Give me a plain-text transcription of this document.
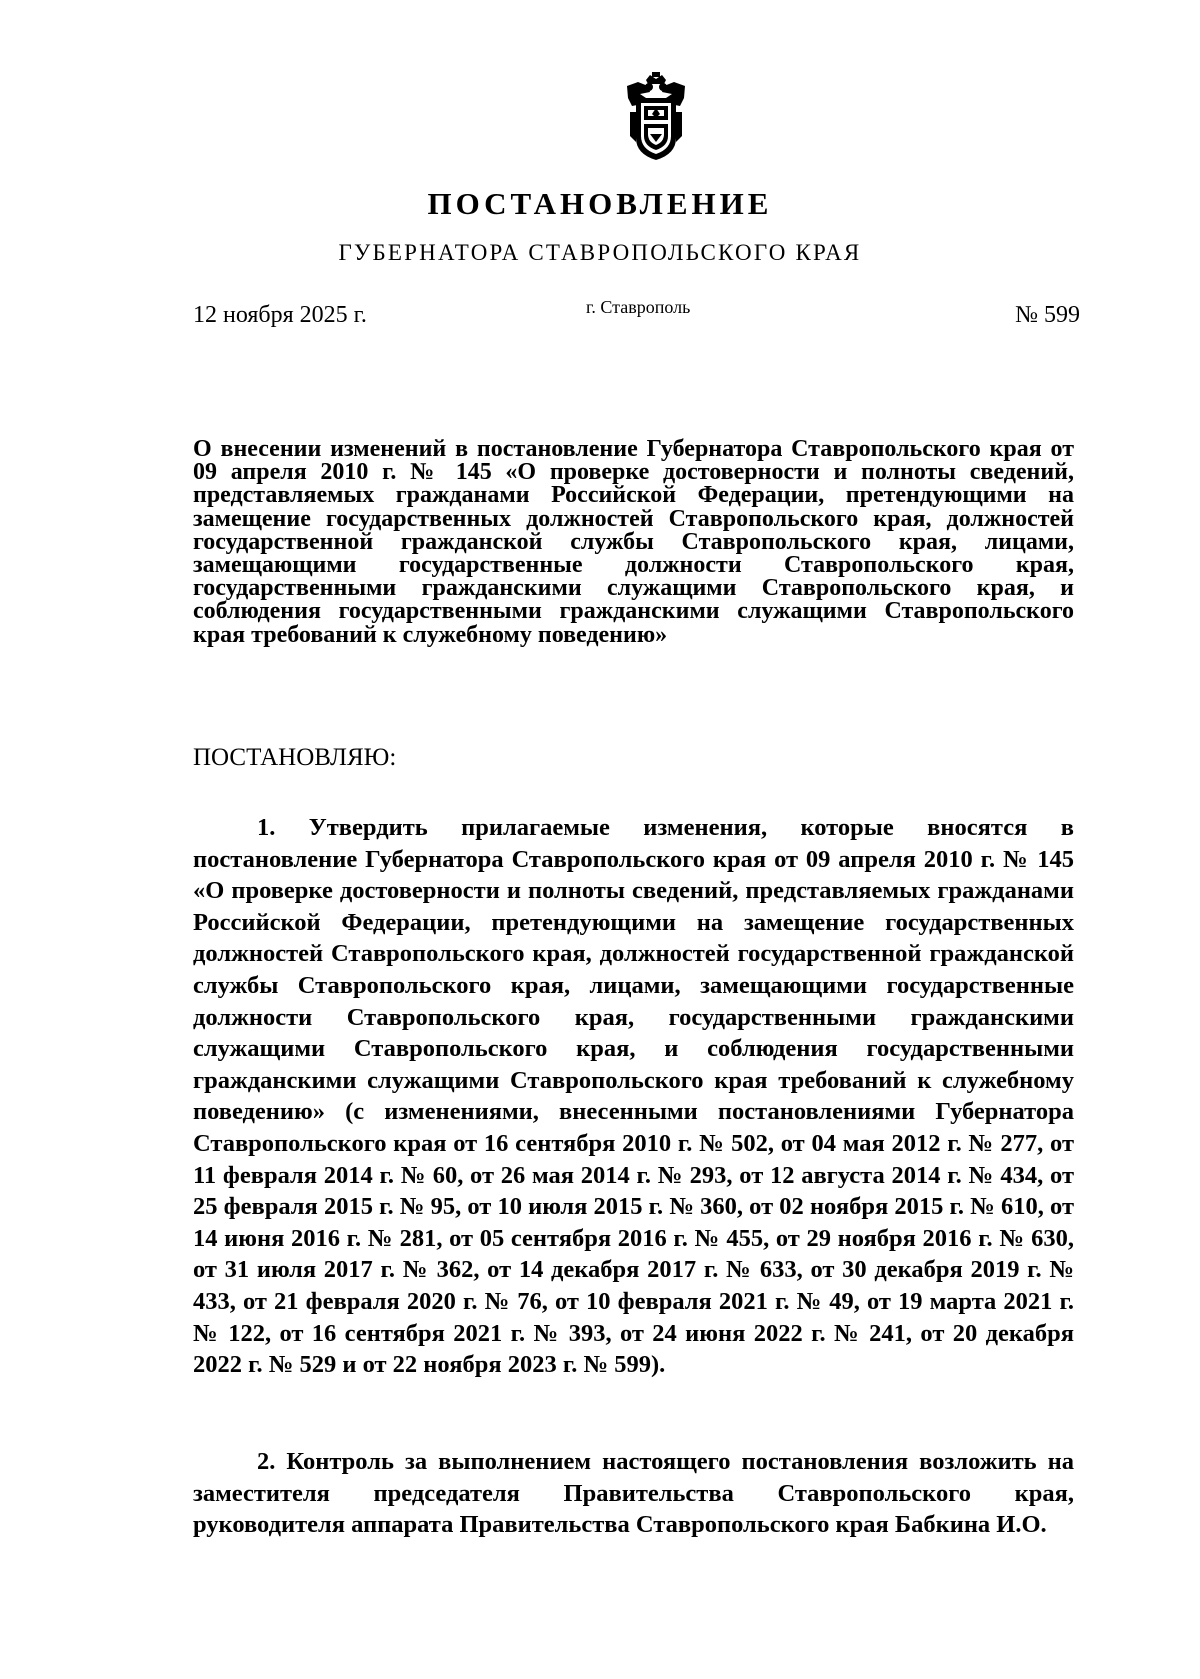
ПОСТАНОВЛЕНИЕ
ГУБЕРНАТОРА СТАВРОПОЛЬСКОГО КРАЯ
12 ноября 2025 г.	г. Ставрополь	№ 599
О внесении изменений в постановление Губернатора Ставропольского края от 09 апреля 2010 г. № 145 «О проверке достоверности и полноты сведений, представляемых гражданами Российской Федерации, претендующими на замещение государственных должностей Ставропольского края, должностей государственной гражданской службы Ставропольского края, лицами, замещающими государственные должности Ставропольского края, государственными гражданскими служащими Ставропольского края, и соблюдения государственными гражданскими служащими Ставропольского края требований к служебному поведению»
ПОСТАНОВЛЯЮ:

1. Утвердить прилагаемые изменения, которые вносятся в постановление Губернатора Ставропольского края от 09 апреля 2010 г. № 145 «О проверке достоверности и полноты сведений, представляемых гражданами Российской Федерации, претендующими на замещение государственных должностей Ставропольского края, должностей государственной гражданской службы Ставропольского края, лицами, замещающими государственные должности Ставропольского края, государственными гражданскими служащими Ставропольского края, и соблюдения государственными гражданскими служащими Ставропольского края требований к служебному поведению» (с изменениями, внесенными постановлениями Губернатора Ставропольского края от 16 сентября 2010 г. № 502, от 04 мая 2012 г. № 277, от 11 февраля 2014 г. № 60, от 26 мая 2014 г. № 293, от 12 августа 2014 г. № 434, от 25 февраля 2015 г. № 95, от 10 июля 2015 г. № 360, от 02 ноября 2015 г. № 610, от 14 июня 2016 г. № 281, от 05 сентября 2016 г. № 455, от 29 ноября 2016 г. № 630, от 31 июля 2017 г. № 362, от 14 декабря 2017 г. № 633, от 30 декабря 2019 г. № 433, от 21 февраля 2020 г. № 76, от 10 февраля 2021 г. № 49, от 19 марта 2021 г. № 122, от 16 сентября 2021 г. № 393, от 24 июня 2022 г. № 241, от 20 декабря 2022 г. № 529 и от 22 ноября 2023 г. № 599).

2. Контроль за выполнением настоящего постановления возложить на заместителя председателя Правительства Ставропольского края, руководителя аппарата Правительства Ставропольского края Бабкина И.О.
